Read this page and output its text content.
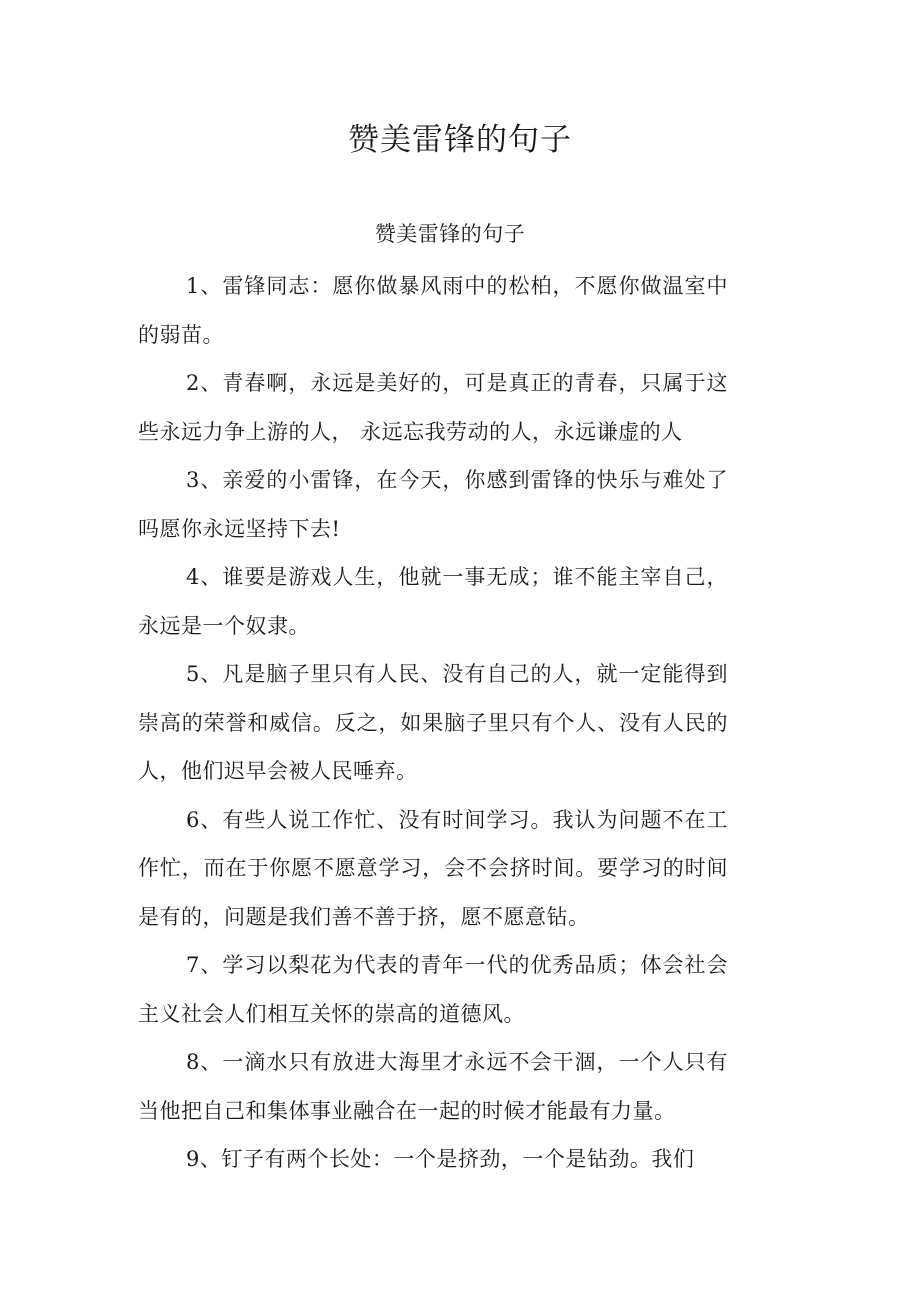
赞美雷锋的句子
赞美雷锋的句子

1、雷锋同志：愿你做暴风雨中的松柏，不愿你做温室中的弱苗。

2、青春啊，永远是美好的，可是真正的青春，只属于这些永远力争上游的人， 永远忘我劳动的人，永远谦虚的人

3、亲爱的小雷锋，在今天，你感到雷锋的快乐与难处了吗愿你永远坚持下去!

4、谁要是游戏人生，他就一事无成；谁不能主宰自己，永远是一个奴隶。

5、凡是脑子里只有人民、没有自己的人，就一定能得到崇高的荣誉和威信。反之，如果脑子里只有个人、没有人民的人，他们迟早会被人民唾弃。

6、有些人说工作忙、没有时间学习。我认为问题不在工作忙，而在于你愿不愿意学习，会不会挤时间。要学习的时间是有的，问题是我们善不善于挤，愿不愿意钻。

7、学习以梨花为代表的青年一代的优秀品质；体会社会主义社会人们相互关怀的崇高的道德风。

8、一滴水只有放进大海里才永远不会干涸，一个人只有当他把自己和集体事业融合在一起的时候才能最有力量。

9、钉子有两个长处：一个是挤劲，一个是钻劲。我们
